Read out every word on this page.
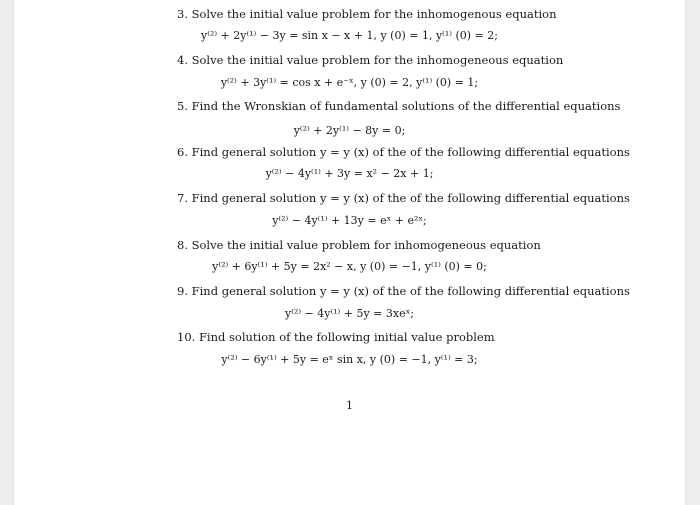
3. Solve the initial value problem for the inhomogenous equation
y⁽²⁾ + 2y⁽¹⁾ − 3y = sin x − x + 1, y (0) = 1, y⁽¹⁾ (0) = 2;
4. Solve the initial value problem for the inhomogeneous equation
y⁽²⁾ + 3y⁽¹⁾ = cos x + e⁻ˣ, y (0) = 2, y⁽¹⁾ (0) = 1;
5. Find the Wronskian of fundamental solutions of the differential equations
y⁽²⁾ + 2y⁽¹⁾ − 8y = 0;
6. Find general solution y = y (x) of the of the following differential equations
y⁽²⁾ − 4y⁽¹⁾ + 3y = x² − 2x + 1;
7. Find general solution y = y (x) of the of the following differential equations
y⁽²⁾ − 4y⁽¹⁾ + 13y = eˣ + e²ˣ;
8. Solve the initial value problem for inhomogeneous equation
y⁽²⁾ + 6y⁽¹⁾ + 5y = 2x² − x, y (0) = −1, y⁽¹⁾ (0) = 0;
9. Find general solution y = y (x) of the of the following differential equations
y⁽²⁾ − 4y⁽¹⁾ + 5y = 3xeˣ;
10. Find solution of the following initial value problem
y⁽²⁾ − 6y⁽¹⁾ + 5y = eˣ sin x, y (0) = −1, y⁽¹⁾ = 3;
1
